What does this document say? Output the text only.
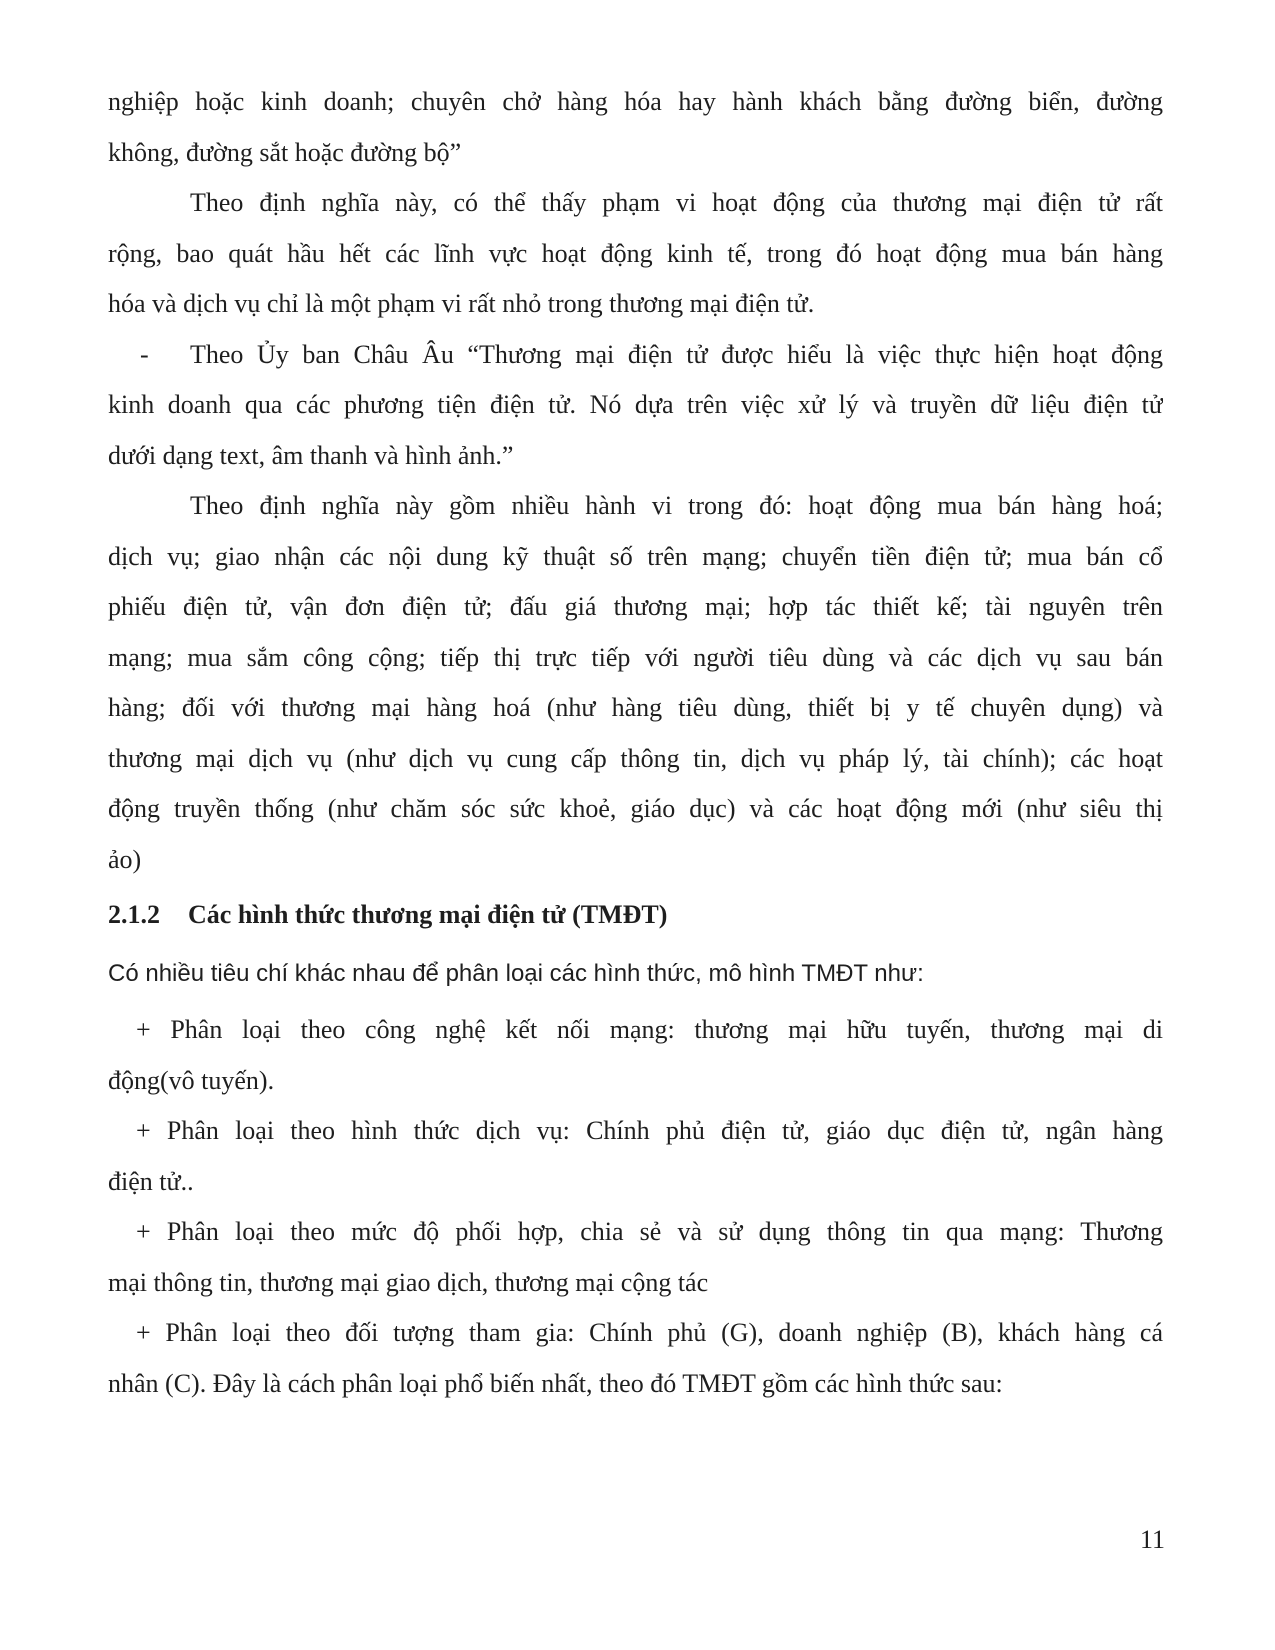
nghiệp hoặc kinh doanh; chuyên chở hàng hóa hay hành khách bằng đường biển, đường
không, đường sắt hoặc đường bộ”
Theo định nghĩa này, có thể thấy phạm vi hoạt động của thương mại điện tử rất
rộng, bao quát hầu hết các lĩnh vực hoạt động kinh tế, trong đó hoạt động mua bán hàng
hóa và dịch vụ chỉ là một phạm vi rất nhỏ trong thương mại điện tử.
- Theo Ủy ban Châu Âu “Thương mại điện tử được hiểu là việc thực hiện hoạt động
kinh doanh qua các phương tiện điện tử. Nó dựa trên việc xử lý và truyền dữ liệu điện tử
dưới dạng text, âm thanh và hình ảnh.”
Theo định nghĩa này gồm nhiều hành vi trong đó: hoạt động mua bán hàng hoá;
dịch vụ; giao nhận các nội dung kỹ thuật số trên mạng; chuyển tiền điện tử; mua bán cổ
phiếu điện tử, vận đơn điện tử; đấu giá thương mại; hợp tác thiết kế; tài nguyên trên
mạng; mua sắm công cộng; tiếp thị trực tiếp với người tiêu dùng và các dịch vụ sau bán
hàng; đối với thương mại hàng hoá (như hàng tiêu dùng, thiết bị y tế chuyên dụng) và
thương mại dịch vụ (như dịch vụ cung cấp thông tin, dịch vụ pháp lý, tài chính); các hoạt
động truyền thống (như chăm sóc sức khoẻ, giáo dục) và các hoạt động mới (như siêu thị
ảo)
2.1.2 Các hình thức thương mại điện tử (TMĐT)
Có nhiều tiêu chí khác nhau để phân loại các hình thức, mô hình TMĐT như:
+ Phân loại theo công nghệ kết nối mạng: thương mại hữu tuyến, thương mại di
động(vô tuyến).
+ Phân loại theo hình thức dịch vụ: Chính phủ điện tử, giáo dục điện tử, ngân hàng
điện tử..
+ Phân loại theo mức độ phối hợp, chia sẻ và sử dụng thông tin qua mạng: Thương
mại thông tin, thương mại giao dịch, thương mại cộng tác
+ Phân loại theo đối tượng tham gia: Chính phủ (G), doanh nghiệp (B), khách hàng cá
nhân (C). Đây là cách phân loại phổ biến nhất, theo đó TMĐT gồm các hình thức sau:
11
